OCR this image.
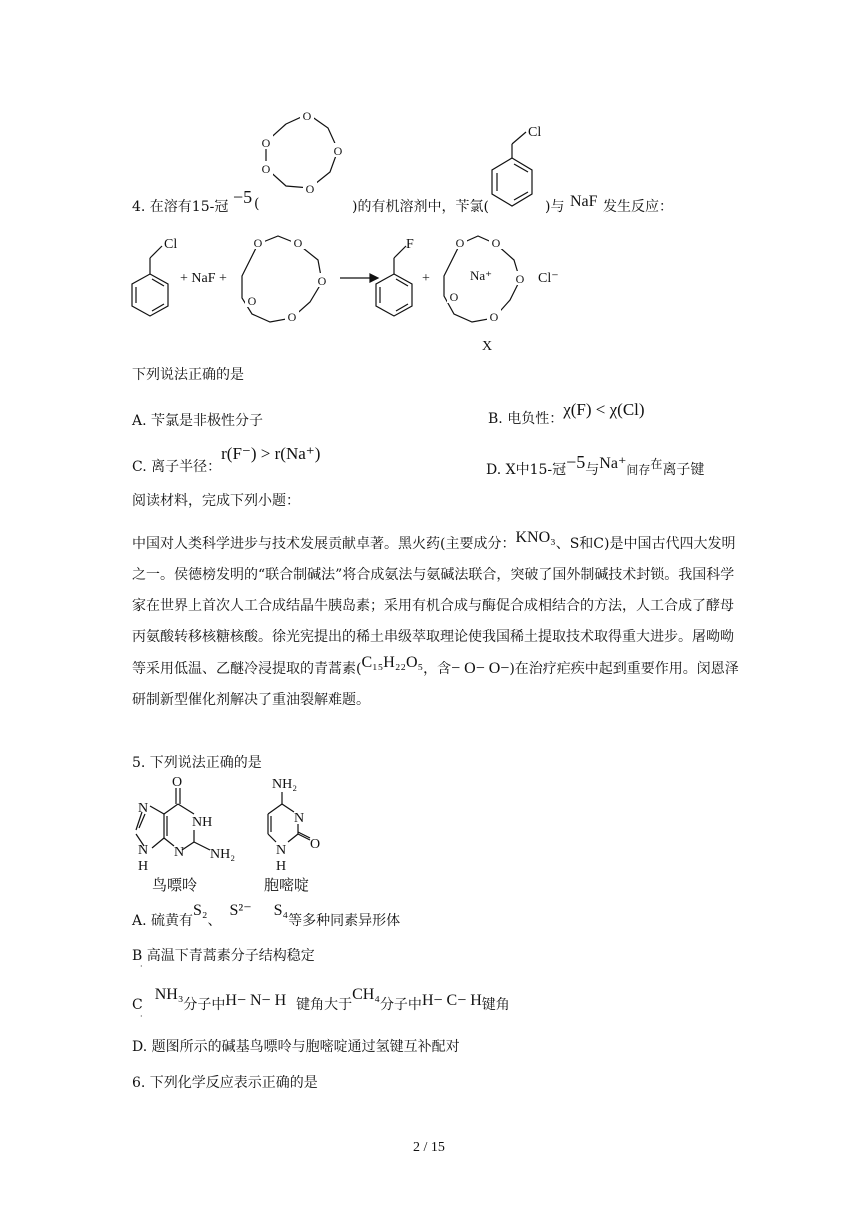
4. 在溶有15-冠 −5 (
O
O
O
O
O
)的有机溶剂中，苄氯(
Cl
)与 NaF 发生反应：
Cl
+ NaF +
O	O
O
O
O
F
+
O O
O
O
O
Na⁺	Cl⁻
X
下列说法正确的是
A. 苄氯是非极性分子	B. 电负性：χ(F) < χ(Cl)
C. 离子半径：r(F⁻) > r(Na⁺)
D. X中15-冠−5与$Na^+_{间存}$在离子键
阅读材料，完成下列小题：
中国对人类科学进步与技术发展贡献卓著。黑火药(主要成分：KNO₃、S和C)是中国古代四大发明之一。侯德榜发明的“联合制碱法”将合成氨法与氨碱法联合，突破了国外制碱技术封锁。我国科学家在世界上首次人工合成结晶牛胰岛素；采用有机合成与酶促合成相结合的方法，人工合成了酵母丙氨酸转移核糖核酸。徐光宪提出的稀土串级萃取理论使我国稀土提取技术取得重大进步。屠呦呦等采用低温、乙醚冷浸提取的青蒿素(C₁₅H₂₂O₅，含− O− O−)在治疗疟疾中起到重要作用。闵恩泽研制新型催化剂解决了重油裂解难题。
5. 下列说法正确的是
O
NH
N NH₂
N
N
H
鸟嘌呤
NH₂
N
N
H
O
胞嘧啶
A. 硫黄有S₂、S²⁻ S₄等多种同素异形体
B 高温下青蒿素分子结构稳定
·
CNH₃分子中H− N− H 键角大于CH₄分子中H− C− H键角
·
D. 题图所示的碱基鸟嘌呤与胞嘧啶通过氢键互补配对
6. 下列化学反应表示正确的是
2 / 15
